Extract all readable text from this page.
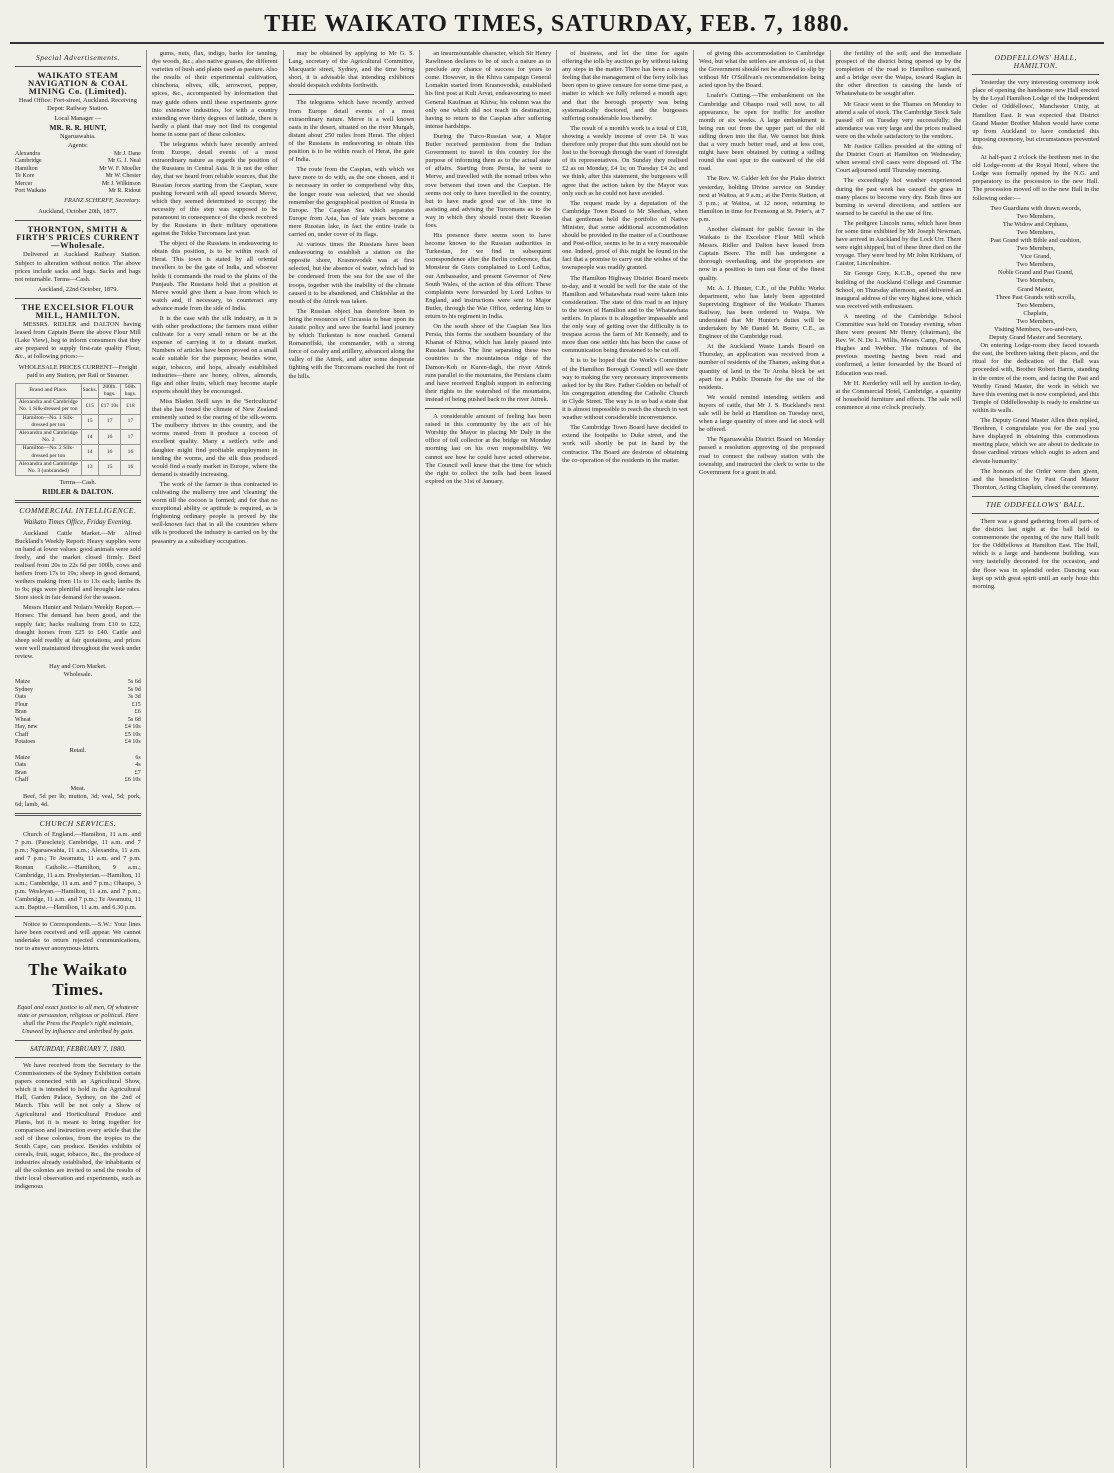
THE WAIKATO TIMES, SATURDAY, FEB. 7, 1880.
Special Advertisements.
WAIKATO STEAM NAVIGATION & COAL MINING Co. (Limited).
Head Office: Fort-street, Auckland. Receiving Depot: Railway Station.
Local Manager —
MR. R. R. HUNT,
Ngaruawahia.
Agents:
Alexandra	Mr J. Dane
Cambridge	Mr G. J. Neal
Hamilton	Mr W. F. Moeller
Te Kore	Mr W. Chester
Mercer	Mr J. Wilkinson
Port Waikato	Mr R. Ridout
FRANZ SCHERFF, Secretary.
Auckland, October 20th, 1877.
THORNTON, SMITH & FIRTH'S PRICES CURRENT—Wholesale.

Delivered at Auckland Railway Station. Subject to alteration without notice. The above prices include sacks and bags. Sacks and bags not returnable. Terms—Cash.

Auckland, 22nd October, 1879.
THE EXCELSIOR FLOUR MILL, HAMILTON.

MESSRS. RIDLER and DALTON having leased from Captain Beere the above Flour Mill (Lake View), beg to inform consumers that they are prepared to supply first-rate quality Flour, &c., at following prices:—

WHOLESALE PRICES CURRENT—Freight paid to any Station, per Rail or Steamer.
Brand and Place.	Sacks.	200lb. bags.	50lb. bags.
Alexandra and Cambridge No. 1 Silk-dressed per ton	£15	£17 10s	£18
Hamilton—No. 1 Silk-dressed per ton	15	17	17
Alexandra and Cambridge No. 2	14	16	17
Hamilton—No. 2 Silk-dressed per ton	14	16	16
Alexandra and Cambridge No. 3 (unbranded)	13	15	16
Terms—Cash.
RIDLER & DALTON.
COMMERCIAL INTELLIGENCE.
Waikato Times Office, Friday Evening.

Auckland Cattle Market.—Mr Alfred Buckland's Weekly Report: Heavy supplies were on hand at lower values: good animals were sold freely, and the market closed firmly. Beef realised from 20s to 22s 6d per 100lb, cows and heifers from 17s to 19s; sheep in good demand, wethers making from 11s to 13s each; lambs 8s to 9s; pigs were plentiful and brought late rates. Store stock in fair demand for the season.

Messrs Hunter and Nolan's Weekly Report.—Horses: The demand has been good, and the supply fair; hacks realising from £10 to £22, draught horses from £25 to £40. Cattle and sheep sold readily at fair quotations, and prices were well maintained throughout the week under review.

Hay and Corn Market.
Wholesale.
Maize	5s 6d
Sydney	5s 9d
Oats	3s 3d
Flour	£15
Bran	£6
Wheat	5s 6d
Hay, new	£4 10s
Chaff	£5 10s
Potatoes	£4 10s
Retail.
Maize	6s
Oats	4s
Bran	£7
Chaff	£6 10s
Meat.

Beef, 5d per lb; mutton, 3d; veal, 5d; pork, 6d; lamb, 4d.

CHURCH SERVICES.

Church of England.—Hamilton, 11 a.m. and 7 p.m. (Paraclete); Cambridge, 11 a.m. and 7 p.m.; Ngaruawahia, 11 a.m.; Alexandra, 11 a.m. and 7 p.m.; Te Awamutu, 11 a.m. and 7 p.m. Roman Catholic.—Hamilton, 9 a.m.; Cambridge, 11 a.m. Presbyterian.—Hamilton, 11 a.m.; Cambridge, 11 a.m. and 7 p.m.; Ohaupo, 3 p.m. Wesleyan.—Hamilton, 11 a.m. and 7 p.m.; Cambridge, 11 a.m. and 7 p.m.; Te Awamutu, 11 a.m. Baptist.—Hamilton, 11 a.m. and 6.30 p.m.

Notice to Correspondents.—S.W.: Your lines have been received and will appear. We cannot undertake to return rejected communications, nor to answer anonymous letters.

The Waikato Times.
Equal and exact justice to all men, Of whatever state or persuasion, religious or political. Here shall the Press the People's right maintain, Unawed by influence and unbribed by gain.
SATURDAY, FEBRUARY 7, 1880.

We have received from the Secretary to the Commissioners of the Sydney Exhibition certain papers connected with an Agricultural Show, which it is intended to hold in the Agricultural Hall, Garden Palace, Sydney, on the 2nd of March. This will be not only a Show of Agricultural and Horticultural Produce and Plants, but it is meant to bring together for comparison and instruction every article that the soil of these colonies, from the tropics to the South Cape, can produce. Besides exhibits of cereals, fruit, sugar, tobacco, &c., the produce of industries already established, the inhabitants of all the colonies are invited to send the results of their local observation and experiments, such as indigenous

gums, nuts, flax, indigo, barks for tanning, dye woods, &c.; also native grasses, the different varieties of bush and plants used as pasture. Also the results of their experimental cultivation, chinchona, olives, silk, arrowroot, pepper, spices, &c., accompanied by information that may guide others until these experiments grow into extensive industries, for with a country extending over thirty degrees of latitude, there is hardly a plant that may not find its congenial home in some part of these colonies.

The telegrams which have recently arrived from Europe, detail events of a most extraordinary nature as regards the position of the Russians in Central Asia. It is not the other day, that we heard from reliable sources, that the Russian forces starting from the Caspian, were pushing forward with all speed towards Merve, which they seemed determined to occupy; the necessity of this step was supposed to be paramount in consequence of the check received by the Russians in their military operations against the Tekke Turcomans last year.

The object of the Russians in endeavoring to obtain this position, is to be within reach of Herat. This town is stated by all oriental travellers to be the gate of India, and whoever holds it commands the road to the plains of the Punjaub. The Russians hold that a position at Merve would give them a base from which to watch and, if necessary, to counteract any advance made from the side of India.

It is the case with the silk industry, as it is with other productions; the farmers must either cultivate for a very small return or be at the expense of carrying it to a distant market. Numbers of articles have been proved on a small scale suitable for the purposes; besides wine, sugar, tobacco, and hops, already established industries—there are honey, olives, almonds, figs and other fruits, which may become staple exports should they be encouraged.

Miss Bladen Neill says in the 'Sericulturist' that she has found the climate of New Zealand eminently suited to the rearing of the silk-worm. The mulberry thrives in this country, and the worms reared from it produce a cocoon of excellent quality. Many a settler's wife and daughter might find profitable employment in tending the worms, and the silk thus produced would find a ready market in Europe, where the demand is steadily increasing.

The work of the farmer is thus contracted to cultivating the mulberry tree and 'cleaning' the worm till the cocoon is formed; and for that no exceptional ability or aptitude is required, as is frightening ordinary people is proved by the well-known fact that in all the countries where silk is produced the industry is carried on by the peasantry as a subsidiary occupation.

may be obtained by applying to Mr G. S. Lang, secretary of the Agricultural Committee, Macquarie street, Sydney, and the time being short, it is advisable that intending exhibitors should despatch exhibits forthwith.

The telegrams which have recently arrived from Europe detail events of a most extraordinary nature. Merve is a well known oasis in the desert, situated on the river Murgab, distant about 250 miles from Herat. The object of the Russians in endeavoring to obtain this position is to be within reach of Herat, the gate of India.

The route from the Caspian, with which we have more to do with, as the one chosen, and it is necessary in order to comprehend why this, the longer route was selected, that we should remember the geographical position of Russia in Europe. The Caspian Sea which separates Europe from Asia, has of late years become a mere Russian lake, in fact the entire trade is carried on, under cover of its flags.

At various times the Russians have been endeavouring to establish a station on the opposite shore, Krasnovodsk was at first selected, but the absence of water, which had to be condensed from the sea for the use of the troops, together with the inability of the climate caused it to be abandoned, and Chikishlar at the mouth of the Attrek was taken.

The Russian object has therefore been to bring the resources of Circassia to bear upon its Asiatic policy and save the fearful land journey by which Turkestan is now reached. General Romanoffski, the commander, with a strong force of cavalry and artillery, advanced along the valley of the Attrek, and after some desperate fighting with the Turcomans reached the foot of the hills.

an insurmountable character, which Sir Henry Rawlinson declares to be of such a nature as to preclude any chance of success for years to come. However, in the Khiva campaign General Lomakin started from Krasnovodsk, established his first post at Kuli Arvat, endeavouring to meet General Kaufman at Khiva; his column was the only one which did not reach its destination, having to return to the Caspian after suffering intense hardships.

During the Turco-Russian war, a Major Butler received permission from the Indian Government to travel in this country for the purpose of informing them as to the actual state of affairs. Starting from Persia, he went to Merve, and travelled with the nomad tribes who rove between that town and the Caspian. He seems not only to have travelled in the country, but to have made good use of his time in assisting and advising the Turcomans as to the way in which they should resist their Russian foes.

His presence there seems soon to have become known to the Russian authorities in Turkestan, for we find in subsequent correspondence after the Berlin conference, that Monsieur de Giers complained to Lord Loftus, our Ambassador, and present Governor of New South Wales, of the action of this officer. These complaints were forwarded by Lord Loftus to England, and instructions were sent to Major Butler, through the War Office, ordering him to return to his regiment in India.

On the south shore of the Caspian Sea lies Persia, this forms the southern boundary of the Khanat of Khiva, which has lately passed into Russian hands. The line separating these two countries is the mountainous ridge of the Damon-Koh or Kuren-dagh, the river Attrek runs parallel to the mountains, the Persians claim and have received English support in enforcing their rights to the watershed of the mountains, instead of being pushed back to the river Attrek.

A considerable amount of feeling has been raised in this community by the act of his Worship the Mayor in placing Mr Daly in the office of toll collector at the bridge on Monday morning last on his own responsibility. We cannot see how he could have acted otherwise. The Council well knew that the time for which the right to collect the tolls had been leased expired on the 31st of January.

of business, and let the time for again offering the tolls by auction go by without taking any steps in the matter. There has been a strong feeling that the management of the ferry tolls has been open to grave censure for some time past, a matter to which we fully referred a month ago; and that the borough property was being systematically doctored, and the burgesses suffering considerable loss thereby.

The result of a month's work is a total of £18, showing a weekly income of over £4. It was therefore only proper that this sum should not be lost to the borough through the want of foresight of its representatives. On Sunday they realised £2 as on Monday, £4 1s; on Tuesday £4 2s; and we think, after this statement, the burgesses will agree that the action taken by the Mayor was only such as he could not have avoided.

The request made by a deputation of the Cambridge Town Board to Mr Sheehan, when that gentleman held the portfolio of Native Minister, that some additional accommodation should be provided in the matter of a Courthouse and Post-office, seems to be in a very reasonable one. Indeed, proof of this might be found in the fact that a promise to carry out the wishes of the townspeople was readily granted.

The Hamilton Highway District Board meets to-day, and it would be well for the state of the Hamilton and Whatawhata road were taken into consideration. The state of this road is an injury to the town of Hamilton and to the Whatawhata settlers. In places it is altogether impassable and the only way of getting over the difficulty is to trespass across the farm of Mr Kennedy, and to more than one settler this has been the cause of communication being threatened to be cut off.

It is to be hoped that the Work's Committee of the Hamilton Borough Council will see their way to making the very necessary improvements asked for by the Rev. Father Golden on behalf of his congregation attending the Catholic Church in Clyde Street. The way is in so bad a state that it is almost impossible to reach the church in wet weather without considerable inconvenience.

The Cambridge Town Board have decided to extend the footpaths to Duke street, and the work will shortly be put in hand by the contractor. The Board are desirous of obtaining the co-operation of the residents in the matter.

of giving this accommodation to Cambridge West, but what the settlers are anxious of, is that the Government should not be allowed to slip by without Mr O'Sullivan's recommendation being acted upon by the Board.

Loafer's Cutting.—The embankment on the Cambridge and Ohaupo road will now, to all appearance, be open for traffic for another month or six weeks. A large embankment is being run out from the upper part of the old sidling down into the flat. We cannot but think that a very much better road, and at less cost, might have been obtained by cutting a sidling round the east spur to the eastward of the old road.

The Rev. W. Calder left for the Piako district yesterday, holding Divine service on Sunday next at Waitoa, at 9 a.m.; at the Ferris Station, at 3 p.m.; at Waitoa, at 12 noon, returning to Hamilton in time for Evensong at St. Peter's, at 7 p.m.

Another claimant for public favour in the Waikato is the Excelsior Flour Mill which Messrs. Ridler and Dalton have leased from Captain Beere. The mill has undergone a thorough overhauling, and the proprietors are now in a position to turn out flour of the finest quality.

Mr. A. J. Hunter, C.E., of the Public Works department, who has lately been appointed Supervising Engineer of the Waikato Thames Railway, has been ordered to Waipa. We understand that Mr Hunter's duties will be undertaken by Mr Daniel M. Beere, C.E., as Engineer of the Cambridge road.

At the Auckland Waste Lands Board on Thursday, an application was received from a number of residents of the Thames, asking that a quantity of land in the Te Aroha block be set apart for a Public Domain for the use of the residents.

We would remind intending settlers and buyers of cattle, that Mr J. S. Buckland's next sale will be held at Hamilton on Tuesday next, when a large quantity of store and fat stock will be offered.

The Ngaruawahia District Board on Monday passed a resolution approving of the proposed road to connect the railway station with the township, and instructed the clerk to write to the Government for a grant in aid.

the fertility of the soil; and the immediate prospect of the district being opened up by the completion of the road to Hamilton eastward, and a bridge over the Waipa, toward Raglan in the other direction is causing the lands of Whatawhata to be sought after.

Mr Grace went to the Thames on Monday to attend a sale of stock. The Cambridge Stock Sale passed off on Tuesday very successfully; the attendance was very large and the prices realised were on the whole satisfactory to the vendors.

Mr Justice Gillies presided at the sitting of the District Court at Hamilton on Wednesday, when several civil cases were disposed of. The Court adjourned until Thursday morning.

The exceedingly hot weather experienced during the past week has caused the grass in many places to become very dry. Bush fires are burning in several directions, and settlers are warned to be careful in the use of fire.

The pedigree Lincoln rams, which have been for some time exhibited by Mr Joseph Newman, have arrived in Auckland by the Lock Urr. There were eight shipped, but of these three died on the voyage. They were bred by Mr John Kirkham, of Caistor, Lincolnshire.

Sir George Grey, K.C.B., opened the new building of the Auckland College and Grammar School, on Thursday afternoon, and delivered an inaugural address of the very highest tone, which was received with enthusiasm.

A meeting of the Cambridge School Committee was held on Tuesday evening, when there were present Mr Henry (chairman), the Rev. W. N. De L. Willis, Messrs Camp, Pearson, Hughes and Webber. The minutes of the previous meeting having been read and confirmed, a letter forwarded by the Board of Education was read.

Mr H. Kerderley will sell by auction to-day, at the Commercial Hotel, Cambridge, a quantity of household furniture and effects. The sale will commence at one o'clock precisely.

ODDFELLOWS' HALL, HAMILTON.

Yesterday the very interesting ceremony took place of opening the handsome new Hall erected by the Loyal Hamilton Lodge of the Independent Order of Oddfellows', Manchester Unity, at Hamilton East. It was expected that District Grand Master Brother Mahon would have come up from Auckland to have conducted this imposing ceremony, but circumstances prevented this.

At half-past 2 o'clock the brethren met in the old Lodge-room at the Royal Hotel, where the Lodge was formally opened by the N.G. and preparatory to the procession to the new Hall. The procession moved off to the new Hall in the following order:—

Two Guardians with drawn swords,
Two Members,
The Widow and Orphans,
Two Members,
Past Grand with Bible and cushion,
Two Members,
Vice Grand,
Two Members,
Noble Grand and Past Grand,
Two Members,
Grand Master,
Three Past Grands with scrolls,
Two Members,
Chaplain,
Two Members,
Visiting Members, two-and-two,
Deputy Grand Master and Secretary.

On entering Lodge-room they faced towards the east, the brethren taking their places, and the ritual for the dedication of the Hall was proceeded with, Brother Robert Harris, standing in the centre of the room, and facing the Past and Worthy Grand Master, the work in which we have this evening met is now completed, and this Temple of Oddfellowship is ready to enshrine us within its walls.

The Deputy Grand Master Allen then replied, 'Brethren, I congratulate you for the zeal you have displayed in obtaining this commodious meeting place, which we are about to dedicate to those cardinal virtues which ought to adorn and elevate humanity.'

The honours of the Order were then given, and the benediction by Past Grand Master Thornton, Acting Chaplain, closed the ceremony.

THE ODDFELLOWS' BALL.

There was a grand gathering from all parts of the district last night at the ball held to commemorate the opening of the new Hall built for the Oddfellows at Hamilton East. The Hall, which is a large and handsome building, was very tastefully decorated for the occasion, and the floor was in splendid order. Dancing was kept up with great spirit until an early hour this morning.
